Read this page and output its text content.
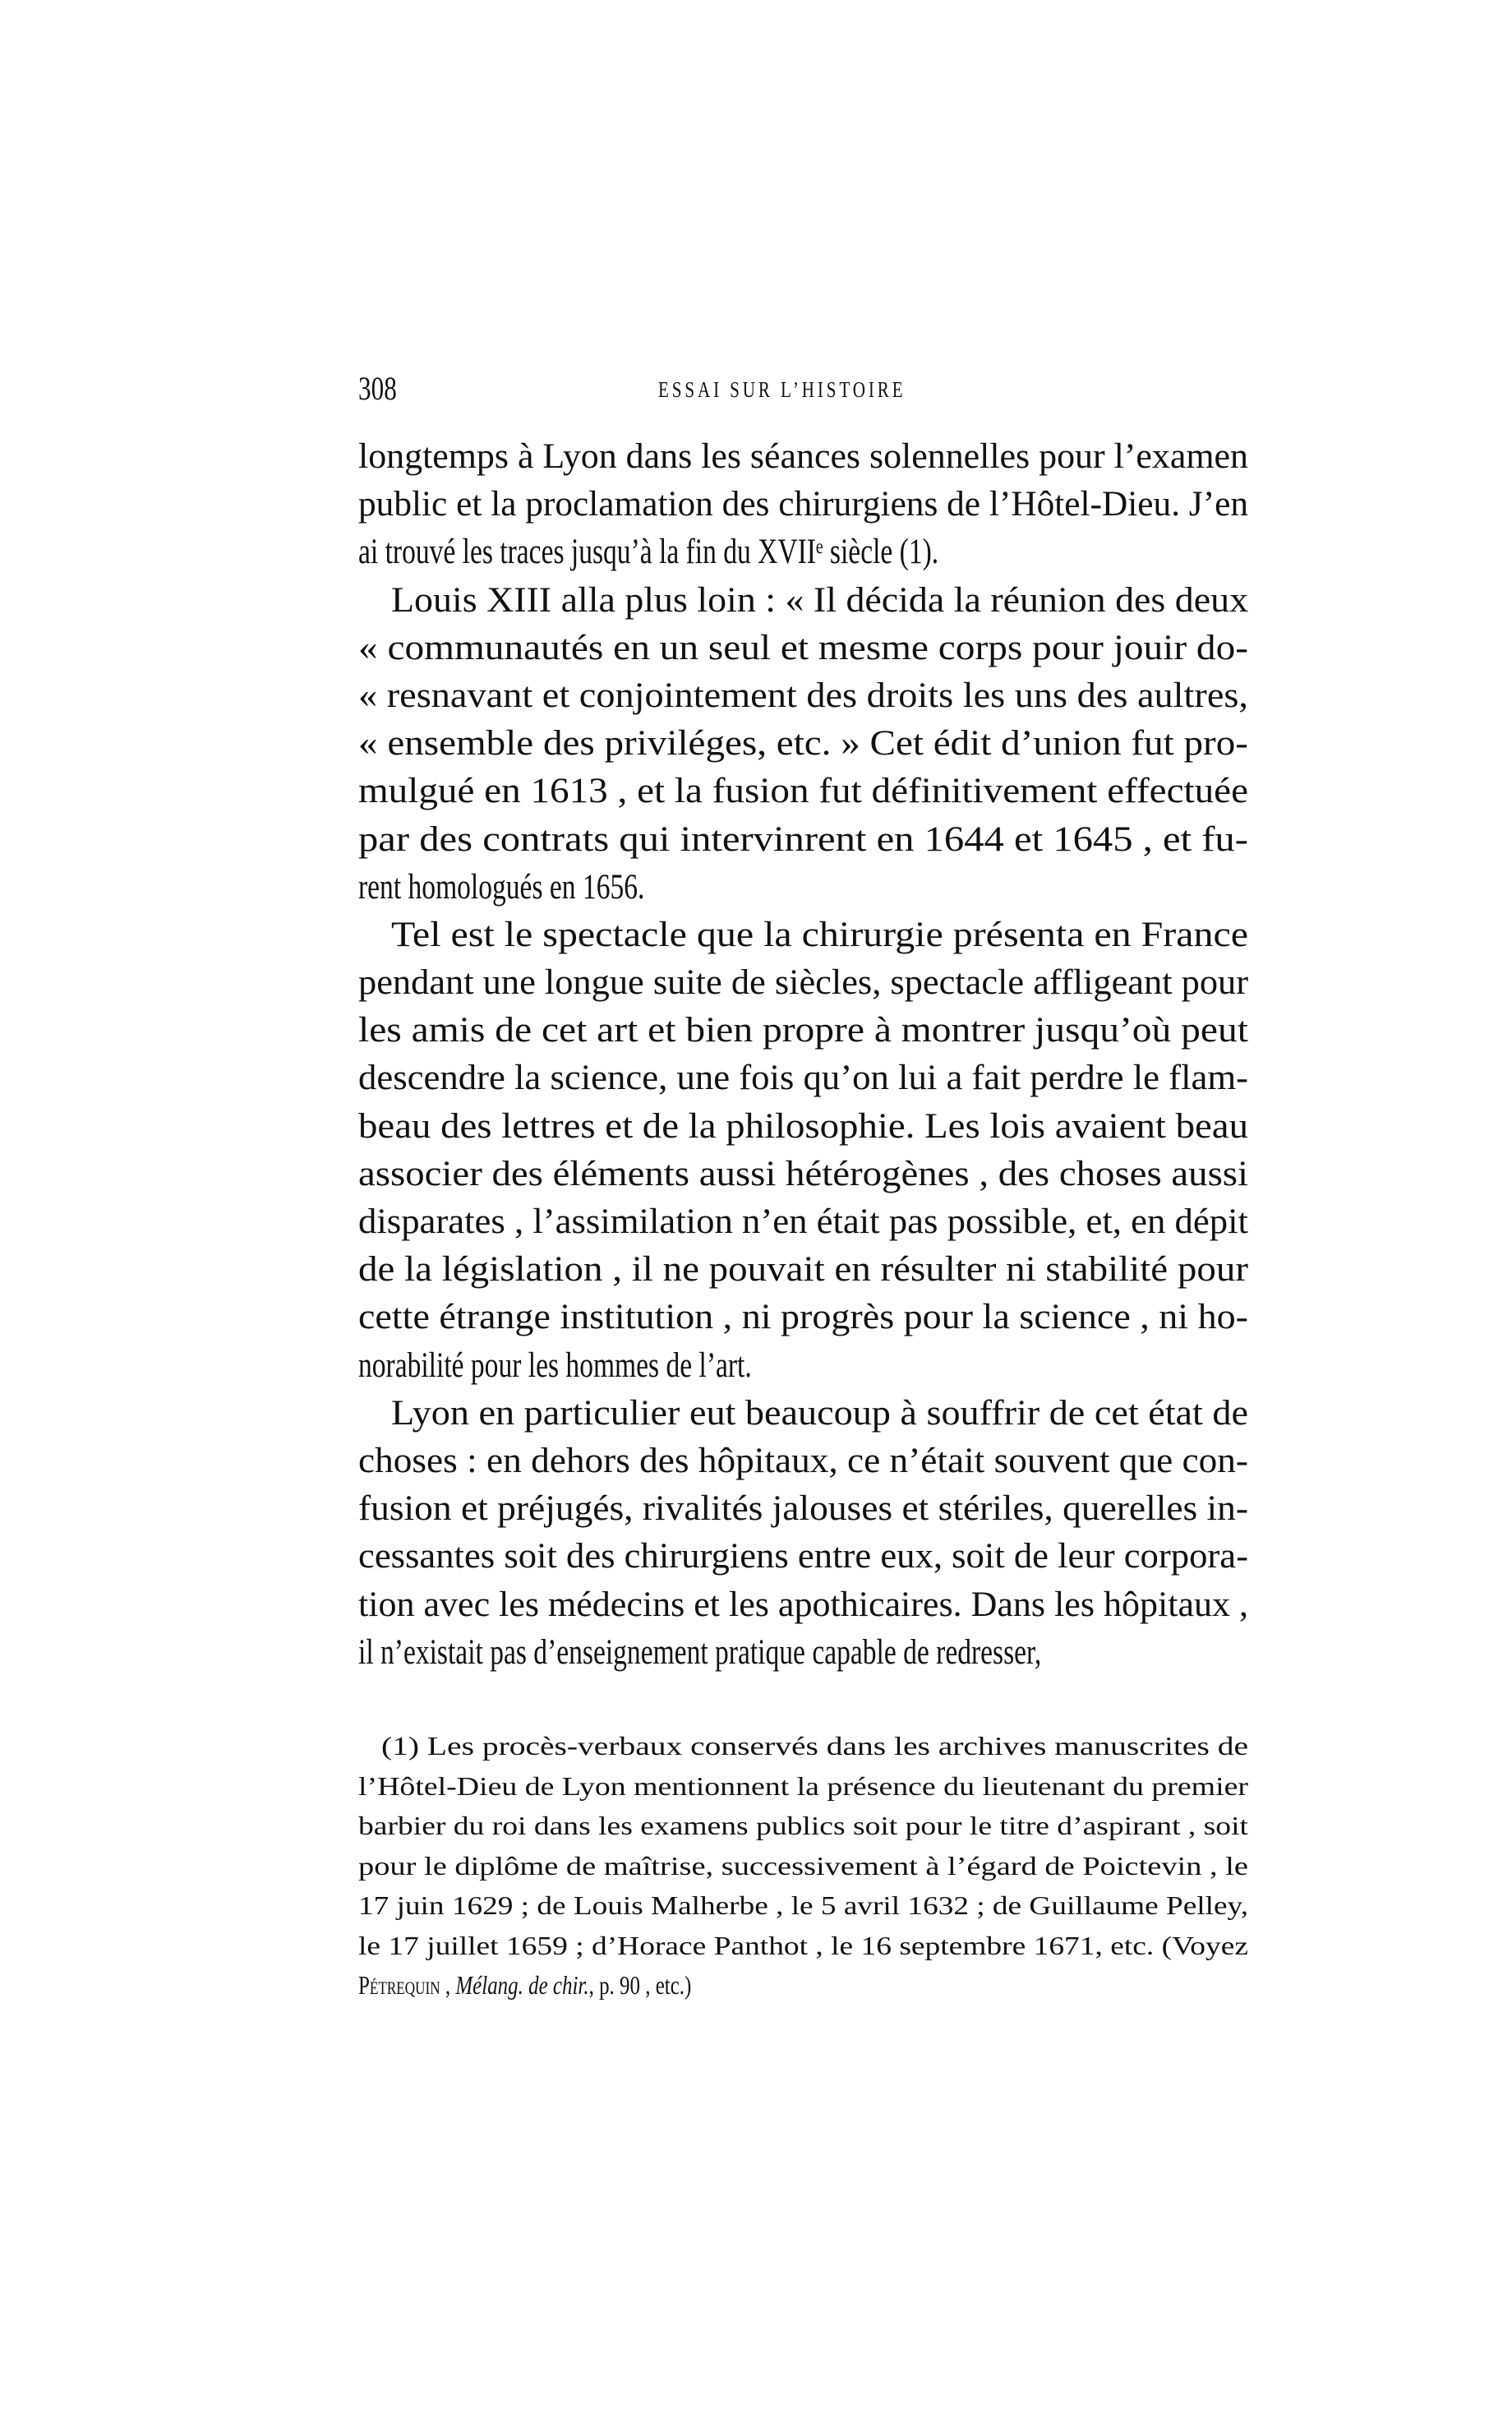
308	ESSAI SUR L’HISTOIRE
longtemps à Lyon dans les séances solennelles pour l’examen
public et la proclamation des chirurgiens de l’Hôtel-Dieu. J’en
ai trouvé les traces jusqu’à la fin du XVIIᵉ siècle (1).
Louis XIII alla plus loin : « Il décida la réunion des deux
« communautés en un seul et mesme corps pour jouir do-
« resnavant et conjointement des droits les uns des aultres,
« ensemble des priviléges, etc. » Cet édit d’union fut pro-
mulgué en 1613 , et la fusion fut définitivement effectuée
par des contrats qui intervinrent en 1644 et 1645 , et fu-
rent homologués en 1656.
Tel est le spectacle que la chirurgie présenta en France
pendant une longue suite de siècles, spectacle affligeant pour
les amis de cet art et bien propre à montrer jusqu’où peut
descendre la science, une fois qu’on lui a fait perdre le flam-
beau des lettres et de la philosophie. Les lois avaient beau
associer des éléments aussi hétérogènes , des choses aussi
disparates , l’assimilation n’en était pas possible, et, en dépit
de la législation , il ne pouvait en résulter ni stabilité pour
cette étrange institution , ni progrès pour la science , ni ho-
norabilité pour les hommes de l’art.
Lyon en particulier eut beaucoup à souffrir de cet état de
choses : en dehors des hôpitaux, ce n’était souvent que con-
fusion et préjugés, rivalités jalouses et stériles, querelles in-
cessantes soit des chirurgiens entre eux, soit de leur corpora-
tion avec les médecins et les apothicaires. Dans les hôpitaux ,
il n’existait pas d’enseignement pratique capable de redresser,
(1) Les procès-verbaux conservés dans les archives manuscrites de
l’Hôtel-Dieu de Lyon mentionnent la présence du lieutenant du premier
barbier du roi dans les examens publics soit pour le titre d’aspirant , soit
pour le diplôme de maîtrise, successivement à l’égard de Poictevin , le
17 juin 1629 ; de Louis Malherbe , le 5 avril 1632 ; de Guillaume Pelley,
le 17 juillet 1659 ; d’Horace Panthot , le 16 septembre 1671, etc. (Voyez
Pétrequin , Mélang. de chir., p. 90 , etc.)
